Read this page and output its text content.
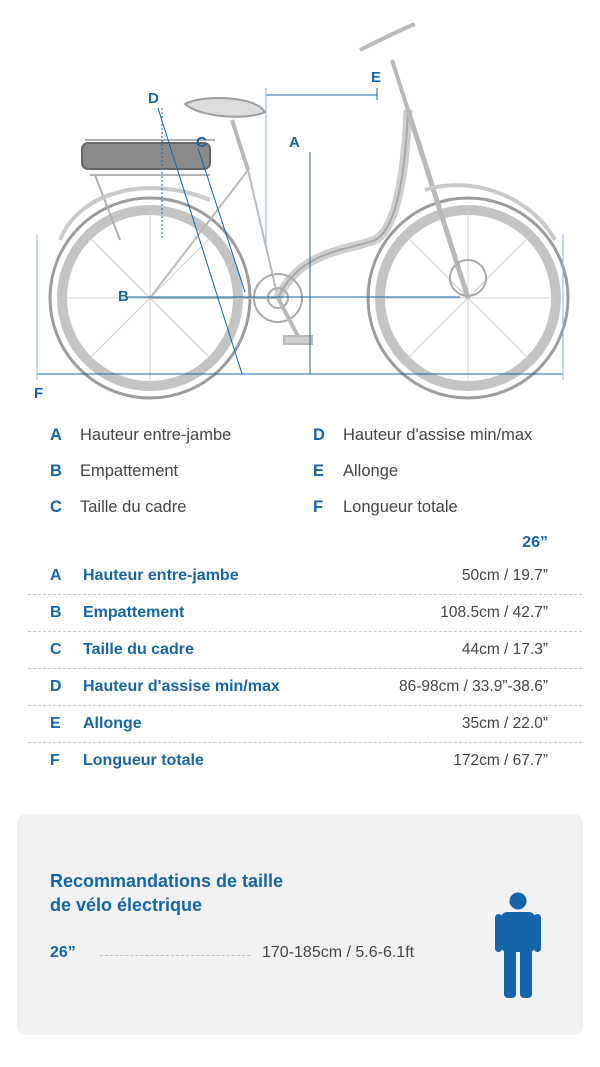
A
B
C
D
E
F
A	Hauteur entre-jambe
B	Empattement
C	Taille du cadre
D	Hauteur d'assise min/max
E	Allonge
F	Longueur totale
26”
A Hauteur entre-jambe	50cm / 19.7”
B Empattement	108.5cm / 42.7”
C Taille du cadre	44cm / 17.3”
D Hauteur d'assise min/max	86-98cm / 33.9”-38.6”
E Allonge	35cm / 22.0”
F Longueur totale	172cm / 67.7”
Recommandations de taille
de vélo électrique
26”	170-185cm / 5.6-6.1ft
